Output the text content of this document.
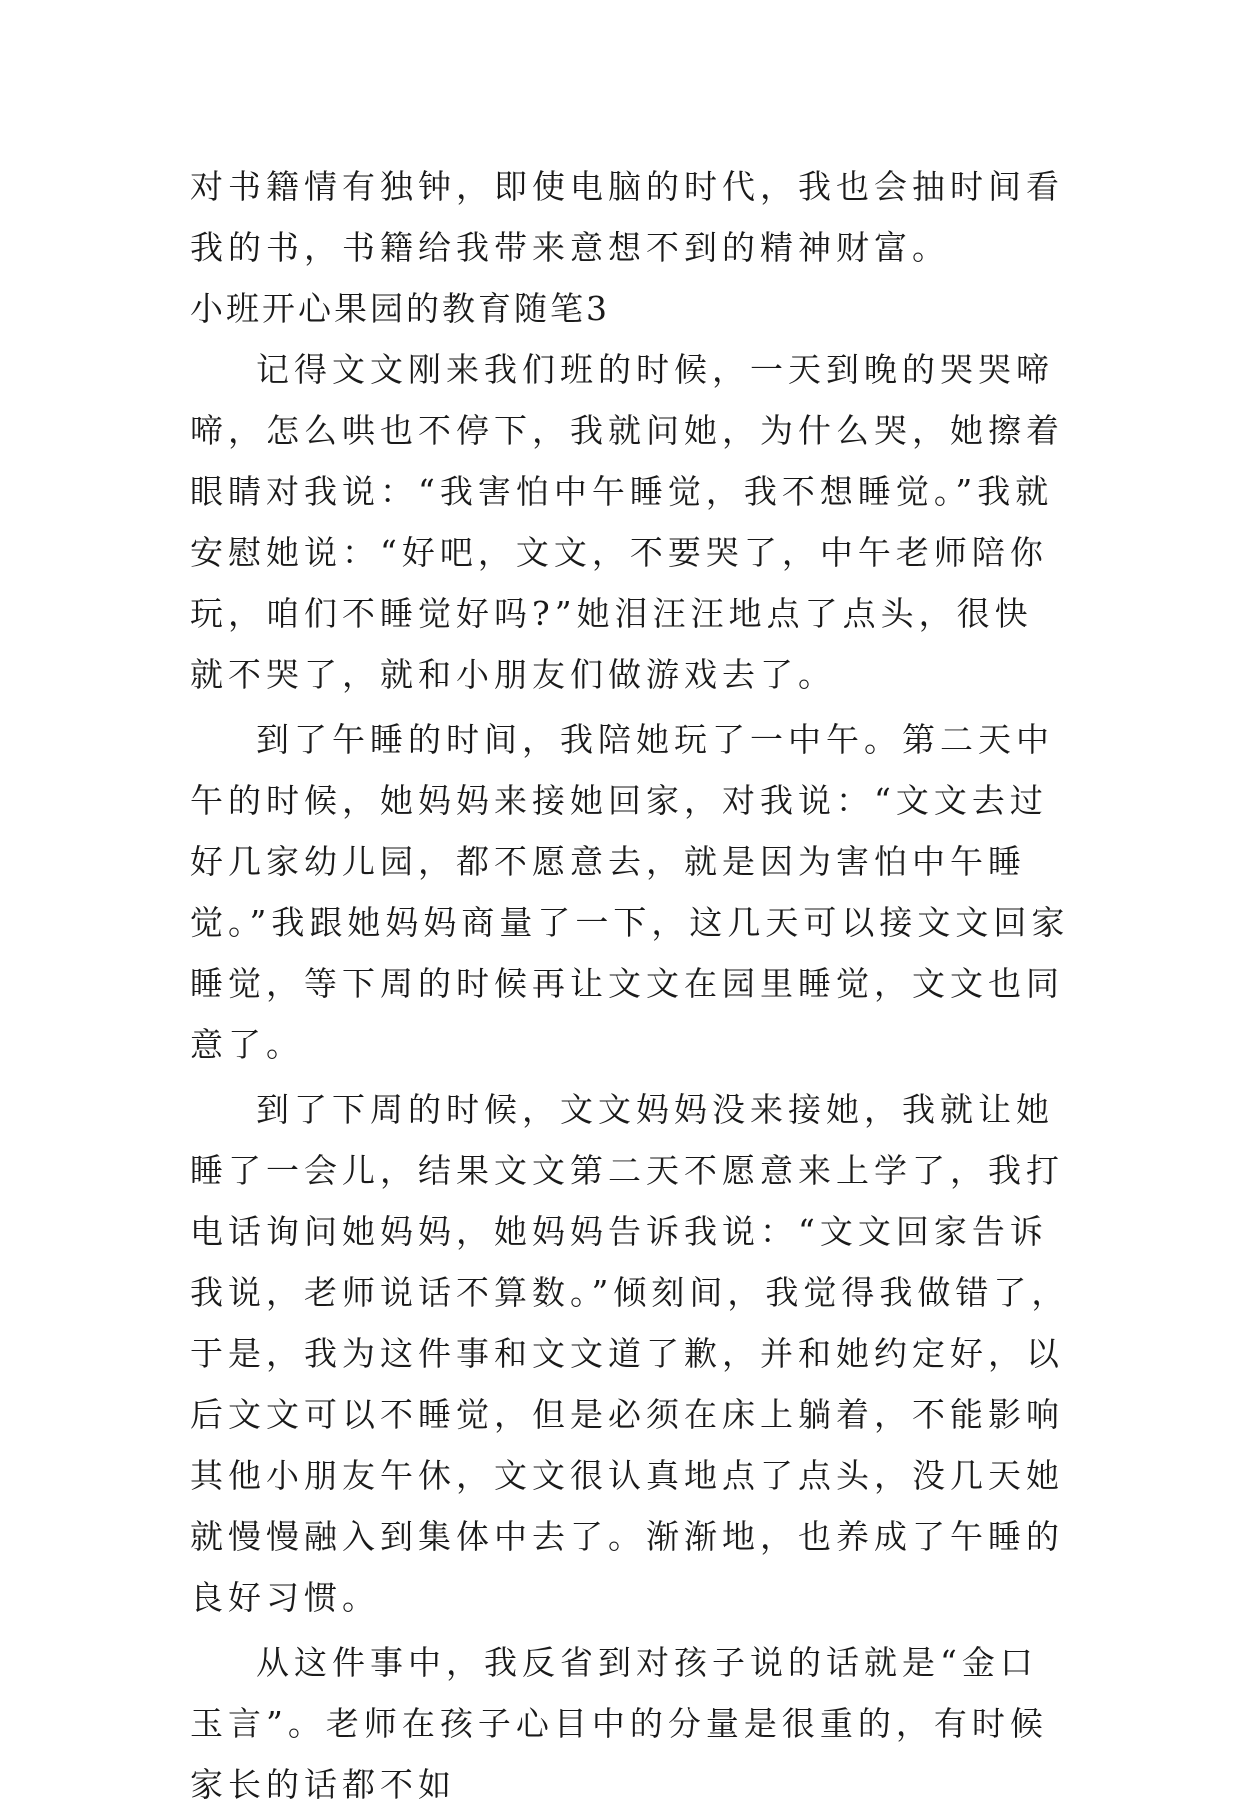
对书籍情有独钟，即使电脑的时代，我也会抽时间看我的书，书籍给我带来意想不到的精神财富。

小班开心果园的教育随笔3

记得文文刚来我们班的时候，一天到晚的哭哭啼啼，怎么哄也不停下，我就问她，为什么哭，她擦着眼睛对我说：“我害怕中午睡觉，我不想睡觉。”我就安慰她说：“好吧，文文，不要哭了，中午老师陪你玩，咱们不睡觉好吗?”她泪汪汪地点了点头，很快就不哭了，就和小朋友们做游戏去了。

到了午睡的时间，我陪她玩了一中午。第二天中午的时候，她妈妈来接她回家，对我说：“文文去过好几家幼儿园，都不愿意去，就是因为害怕中午睡觉。”我跟她妈妈商量了一下，这几天可以接文文回家睡觉，等下周的时候再让文文在园里睡觉，文文也同意了。

到了下周的时候，文文妈妈没来接她，我就让她睡了一会儿，结果文文第二天不愿意来上学了，我打电话询问她妈妈，她妈妈告诉我说：“文文回家告诉我说，老师说话不算数。”倾刻间，我觉得我做错了，于是，我为这件事和文文道了歉，并和她约定好，以后文文可以不睡觉，但是必须在床上躺着，不能影响其他小朋友午休，文文很认真地点了点头，没几天她就慢慢融入到集体中去了。渐渐地，也养成了午睡的良好习惯。

从这件事中，我反省到对孩子说的话就是“金口玉言”。老师在孩子心目中的分量是很重的，有时候家长的话都不如
